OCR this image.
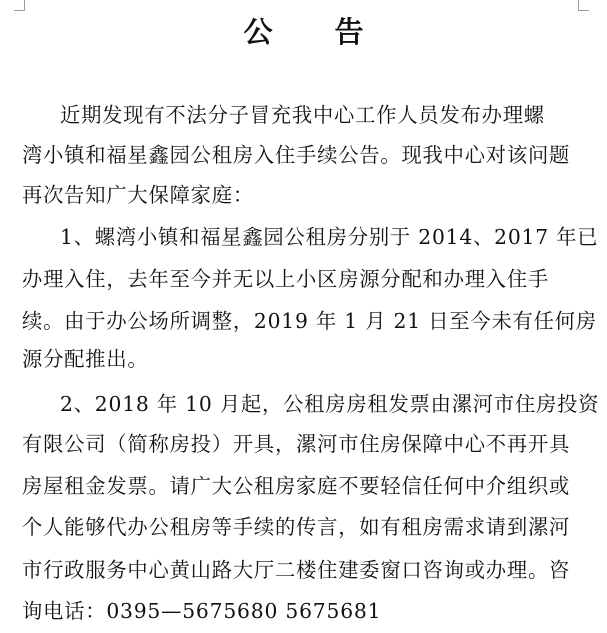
公 告
近期发现有不法分子冒充我中心工作人员发布办理螺
湾小镇和福星鑫园公租房入住手续公告。现我中心对该问题
再次告知广大保障家庭：
1、螺湾小镇和福星鑫园公租房分别于 2014、2017 年已
办理入住，去年至今并无以上小区房源分配和办理入住手
续。由于办公场所调整，2019 年 1 月 21 日至今未有任何房
源分配推出。
2、2018 年 10 月起，公租房房租发票由漯河市住房投资
有限公司（简称房投）开具，漯河市住房保障中心不再开具
房屋租金发票。请广大公租房家庭不要轻信任何中介组织或
个人能够代办公租房等手续的传言，如有租房需求请到漯河
市行政服务中心黄山路大厅二楼住建委窗口咨询或办理。咨
询电话：0395—5675680 5675681
